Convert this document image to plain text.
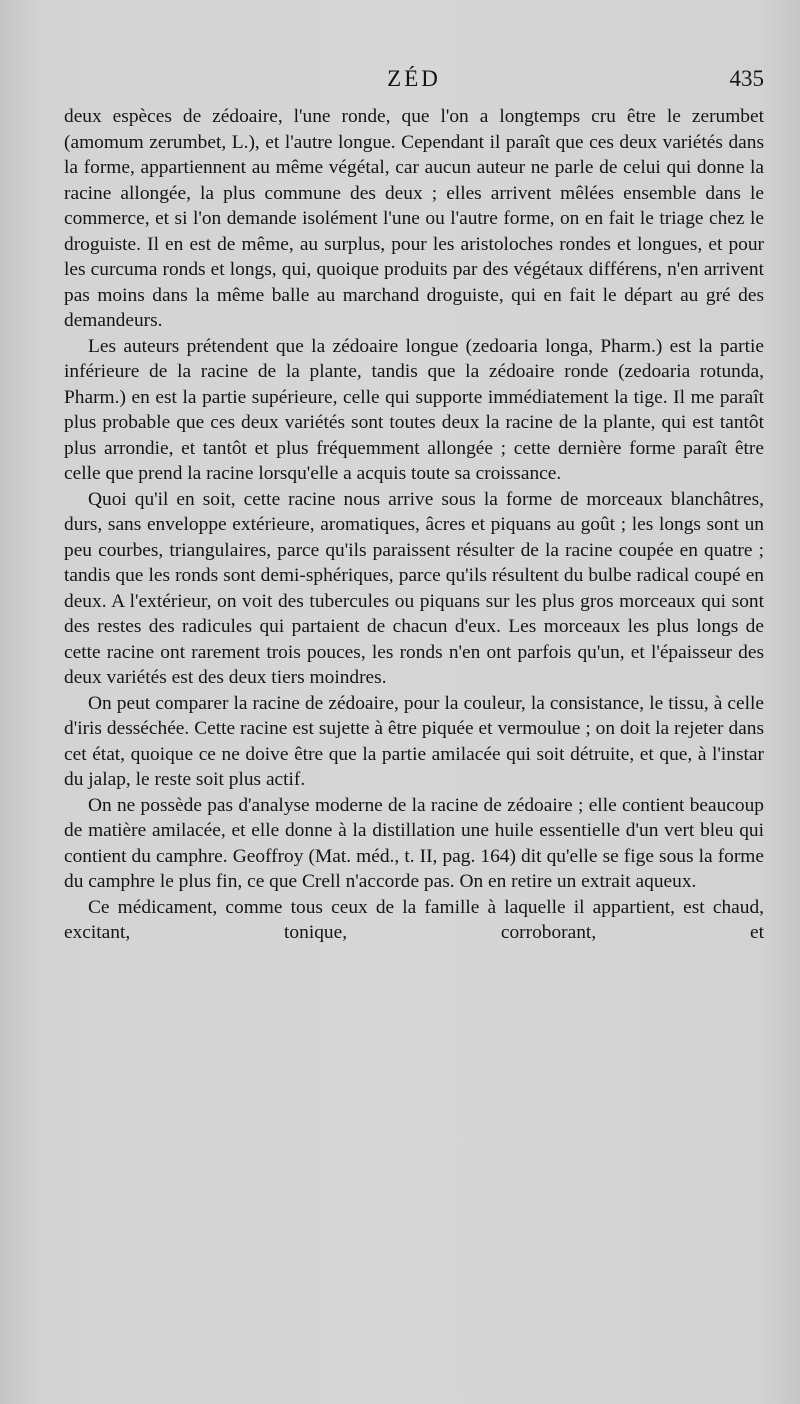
ZÉD	435

deux espèces de zédoaire, l'une ronde, que l'on a longtemps cru être le zerumbet (amomum zerumbet, L.), et l'autre longue. Cependant il paraît que ces deux variétés dans la forme, appartiennent au même végétal, car aucun auteur ne parle de celui qui donne la racine allongée, la plus commune des deux ; elles arrivent mêlées ensemble dans le commerce, et si l'on demande isolément l'une ou l'autre forme, on en fait le triage chez le droguiste. Il en est de même, au surplus, pour les aristoloches rondes et longues, et pour les curcuma ronds et longs, qui, quoique produits par des végétaux différens, n'en arrivent pas moins dans la même balle au marchand droguiste, qui en fait le départ au gré des demandeurs.

Les auteurs prétendent que la zédoaire longue (zedoaria longa, Pharm.) est la partie inférieure de la racine de la plante, tandis que la zédoaire ronde (zedoaria rotunda, Pharm.) en est la partie supérieure, celle qui supporte immédiatement la tige. Il me paraît plus probable que ces deux variétés sont toutes deux la racine de la plante, qui est tantôt plus arrondie, et tantôt et plus fréquemment allongée ; cette dernière forme paraît être celle que prend la racine lorsqu'elle a acquis toute sa croissance.

Quoi qu'il en soit, cette racine nous arrive sous la forme de morceaux blanchâtres, durs, sans enveloppe extérieure, aromatiques, âcres et piquans au goût ; les longs sont un peu courbes, triangulaires, parce qu'ils paraissent résulter de la racine coupée en quatre ; tandis que les ronds sont demi-sphériques, parce qu'ils résultent du bulbe radical coupé en deux. A l'extérieur, on voit des tubercules ou piquans sur les plus gros morceaux qui sont des restes des radicules qui partaient de chacun d'eux. Les morceaux les plus longs de cette racine ont rarement trois pouces, les ronds n'en ont parfois qu'un, et l'épaisseur des deux variétés est des deux tiers moindres.

On peut comparer la racine de zédoaire, pour la couleur, la consistance, le tissu, à celle d'iris desséchée. Cette racine est sujette à être piquée et vermoulue ; on doit la rejeter dans cet état, quoique ce ne doive être que la partie amilacée qui soit détruite, et que, à l'instar du jalap, le reste soit plus actif.

On ne possède pas d'analyse moderne de la racine de zédoaire ; elle contient beaucoup de matière amilacée, et elle donne à la distillation une huile essentielle d'un vert bleu qui contient du camphre. Geoffroy (Mat. méd., t. II, pag. 164) dit qu'elle se fige sous la forme du camphre le plus fin, ce que Crell n'accorde pas. On en retire un extrait aqueux.

Ce médicament, comme tous ceux de la famille à laquelle il appartient, est chaud, excitant, tonique, corroborant, et
